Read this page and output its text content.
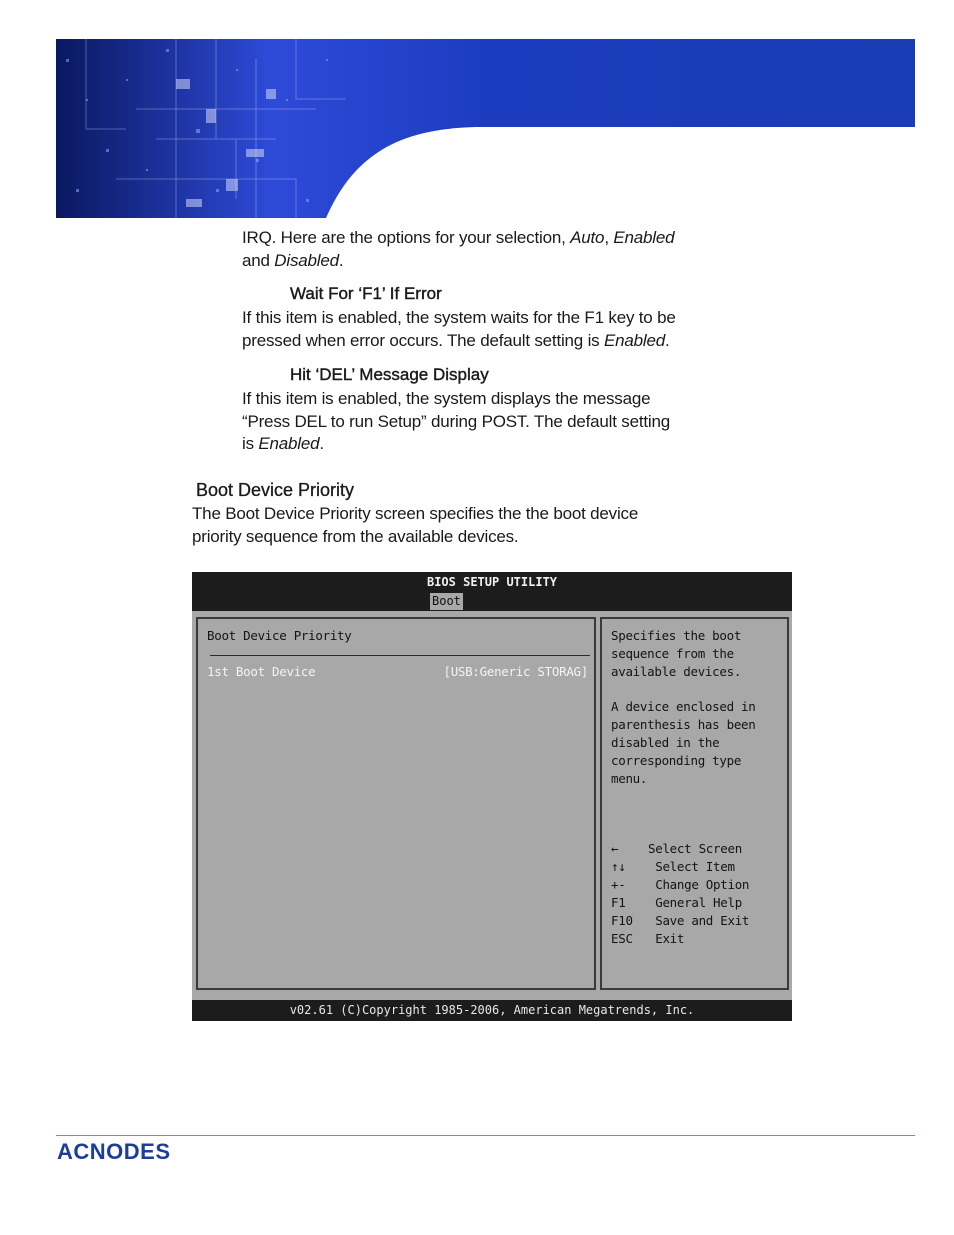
IRQ. Here are the options for your selection, Auto, Enabled
and Disabled.
Wait For ‘F1’ If Error
If this item is enabled, the system waits for the F1 key to be
pressed when error occurs. The default setting is Enabled.
Hit ‘DEL’ Message Display
If this item is enabled, the system displays the message
“Press DEL to run Setup” during POST. The default setting
is Enabled.
Boot Device Priority
The Boot Device Priority screen specifies the the boot device
priority sequence from the available devices.
BIOS SETUP UTILITY
Boot
Boot Device Priority
1st Boot Device	[USB:Generic STORAG]
Specifies the boot
sequence from the
available devices.
A device enclosed in
parenthesis has been
disabled in the
corresponding type
menu.
← Select Screen
↑↓ Select Item
+- Change Option
F1 General Help
F10 Save and Exit
ESC Exit
v02.61 (C)Copyright 1985-2006, American Megatrends, Inc.
ACNODES
